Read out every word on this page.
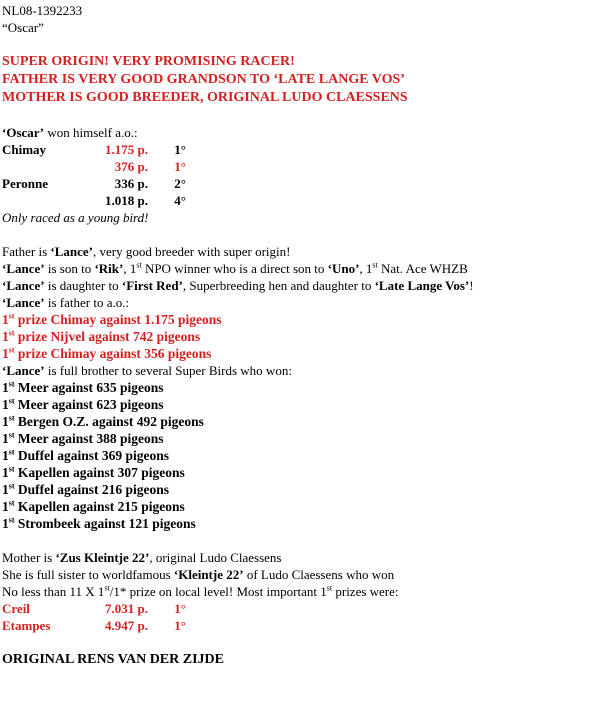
NL08-1392233
“Oscar”
SUPER ORIGIN! VERY PROMISING RACER!
FATHER IS VERY GOOD GRANDSON TO ‘LATE LANGE VOS’
MOTHER IS GOOD BREEDER, ORIGINAL LUDO CLAESSENS
‘Oscar’ won himself a.o.:
Chimay	1.175 p. 1°
376 p. 1°
Peronne	336 p. 2°
1.018 p. 4°
Only raced as a young bird!
Father is ‘Lance’, very good breeder with super origin!
‘Lance’ is son to ‘Rik’, 1st NPO winner who is a direct son to ‘Uno’, 1st Nat. Ace WHZB
‘Lance’ is daughter to ‘First Red’, Superbreeding hen and daughter to ‘Late Lange Vos’!
‘Lance’ is father to a.o.:
1st prize Chimay against 1.175 pigeons
1st prize Nijvel against 742 pigeons
1st prize Chimay against 356 pigeons
‘Lance’ is full brother to several Super Birds who won:
1st Meer against 635 pigeons
1st Meer against 623 pigeons
1st Bergen O.Z. against 492 pigeons
1st Meer against 388 pigeons
1st Duffel against 369 pigeons
1st Kapellen against 307 pigeons
1st Duffel against 216 pigeons
1st Kapellen against 215 pigeons
1st Strombeek against 121 pigeons
Mother is ‘Zus Kleintje 22’, original Ludo Claessens
She is full sister to worldfamous ‘Kleintje 22’ of Ludo Claessens who won
No less than 11 X 1st/1* prize on local level! Most important 1st prizes were:
Creil	7.031 p. 1°
Etampes	4.947 p. 1°
ORIGINAL RENS VAN DER ZIJDE
